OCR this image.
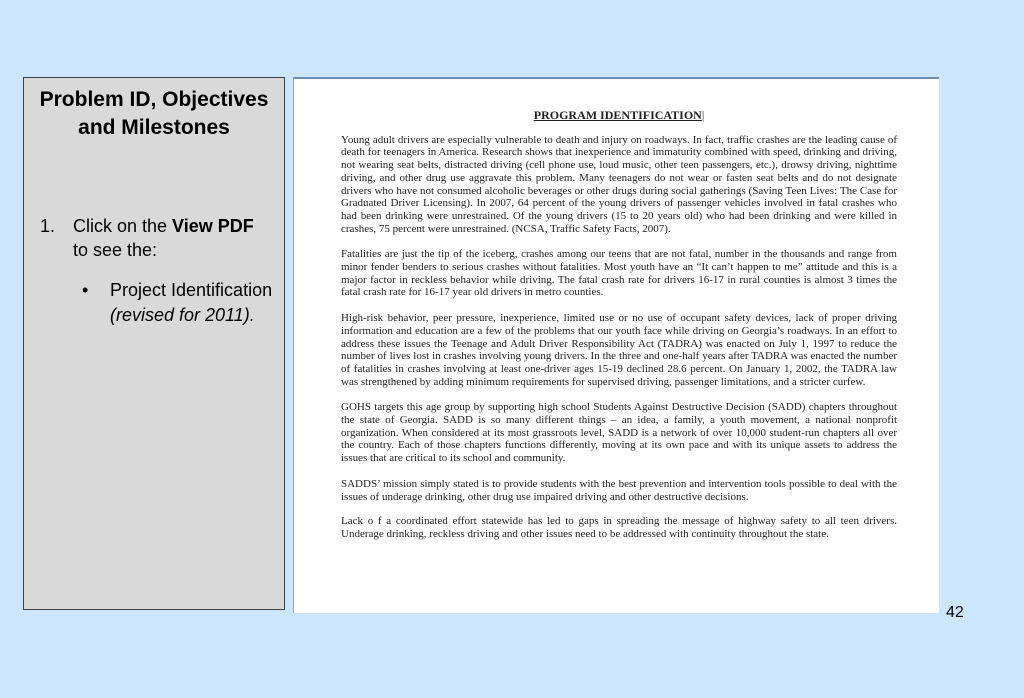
Problem ID, Objectives and Milestones
1. Click on the View PDF to see the:
• Project Identification
(revised for 2011).
PROGRAM IDENTIFICATION|

Young adult drivers are especially vulnerable to death and injury on roadways. In fact, traffic crashes are the leading cause of death for teenagers in America. Research shows that inexperience and immaturity combined with speed, drinking and driving, not wearing seat belts, distracted driving (cell phone use, loud music, other teen passengers, etc.), drowsy driving, nighttime driving, and other drug use aggravate this problem. Many teenagers do not wear or fasten seat belts and do not designate drivers who have not consumed alcoholic beverages or other drugs during social gatherings (Saving Teen Lives: The Case for Graduated Driver Licensing). In 2007, 64 percent of the young drivers of passenger vehicles involved in fatal crashes who had been drinking were unrestrained. Of the young drivers (15 to 20 years old) who had been drinking and were killed in crashes, 75 percent were unrestrained. (NCSA, Traffic Safety Facts, 2007).

Fatalities are just the tip of the iceberg, crashes among our teens that are not fatal, number in the thousands and range from minor fender benders to serious crashes without fatalities. Most youth have an “It can’t happen to me” attitude and this is a major factor in reckless behavior while driving. The fatal crash rate for drivers 16-17 in rural counties is almost 3 times the fatal crash rate for 16-17 year old drivers in metro counties.

High-risk behavior, peer pressure, inexperience, limited use or no use of occupant safety devices, lack of proper driving information and education are a few of the problems that our youth face while driving on Georgia’s roadways. In an effort to address these issues the Teenage and Adult Driver Responsibility Act (TADRA) was enacted on July 1, 1997 to reduce the number of lives lost in crashes involving young drivers. In the three and one-half years after TADRA was enacted the number of fatalities in crashes involving at least one-driver ages 15-19 declined 28.6 percent. On January 1, 2002, the TADRA law was strengthened by adding minimum requirements for supervised driving, passenger limitations, and a stricter curfew.

GOHS targets this age group by supporting high school Students Against Destructive Decision (SADD) chapters throughout the state of Georgia. SADD is so many different things – an idea, a family, a youth movement, a national nonprofit organization. When considered at its most grassroots level, SADD is a network of over 10,000 student-run chapters all over the country. Each of those chapters functions differently, moving at its own pace and with its unique assets to address the issues that are critical to its school and community.

SADDS’ mission simply stated is to provide students with the best prevention and intervention tools possible to deal with the issues of underage drinking, other drug use impaired driving and other destructive decisions.

Lack o f a coordinated effort statewide has led to gaps in spreading the message of highway safety to all teen drivers. Underage drinking, reckless driving and other issues need to be addressed with continuity throughout the state.

42
